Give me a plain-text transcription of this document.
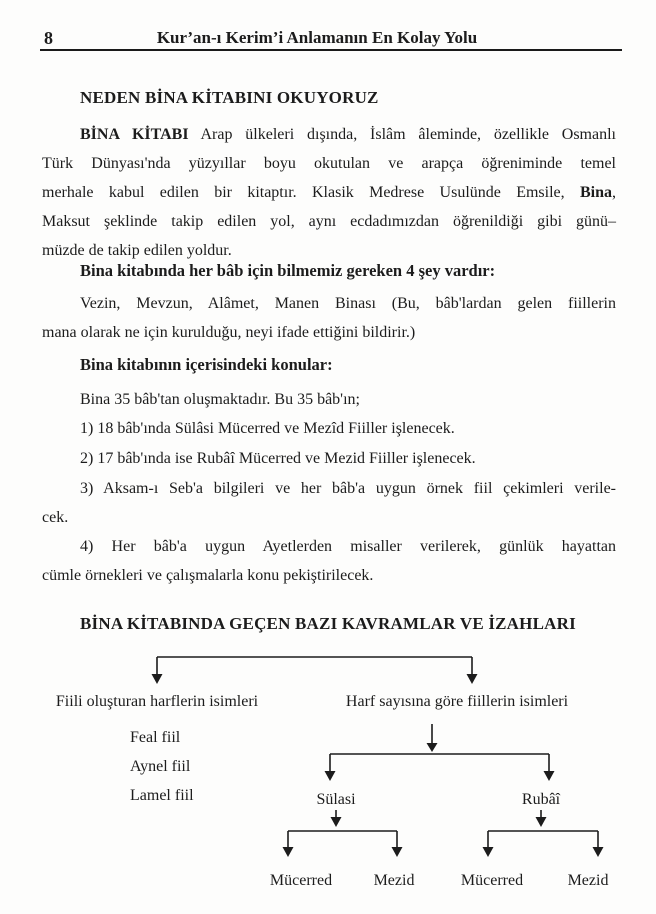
8	Kur’an-ı Kerim’i Anlamanın En Kolay Yolu
NEDEN BİNA KİTABINI OKUYORUZ
BİNA KİTABI Arap ülkeleri dışında, İslâm âleminde, özellikle Osmanlı
Türk Dünyası'nda yüzyıllar boyu okutulan ve arapça öğreniminde temel
merhale kabul edilen bir kitaptır. Klasik Medrese Usulünde Emsile, Bina,
Maksut şeklinde takip edilen yol, aynı ecdadımızdan öğrenildiği gibi günü–
müzde de takip edilen yoldur.
Bina kitabında her bâb için bilmemiz gereken 4 şey vardır:
Vezin, Mevzun, Alâmet, Manen Binası (Bu, bâb'lardan gelen fiillerin
mana olarak ne için kurulduğu, neyi ifade ettiğini bildirir.)
Bina kitabının içerisindeki konular:
Bina 35 bâb'tan oluşmaktadır. Bu 35 bâb'ın;
1) 18 bâb'ında Sülâsi Mücerred ve Mezîd Fiiller işlenecek.
2) 17 bâb'ında ise Rubâî Mücerred ve Mezid Fiiller işlenecek.
3) Aksam-ı Seb'a bilgileri ve her bâb'a uygun örnek fiil çekimleri verile-
cek.
4) Her bâb'a uygun Ayetlerden misaller verilerek, günlük hayattan
cümle örnekleri ve çalışmalarla konu pekiştirilecek.
BİNA KİTABINDA GEÇEN BAZI KAVRAMLAR VE İZAHLARI
Fiili oluşturan harflerin isimleri	Harf sayısına göre fiillerin isimleri
Feal fiil
Aynel fiil
Lamel fiil	Sülasi	Rubâî
Mücerred	Mezid	Mücerred	Mezid
